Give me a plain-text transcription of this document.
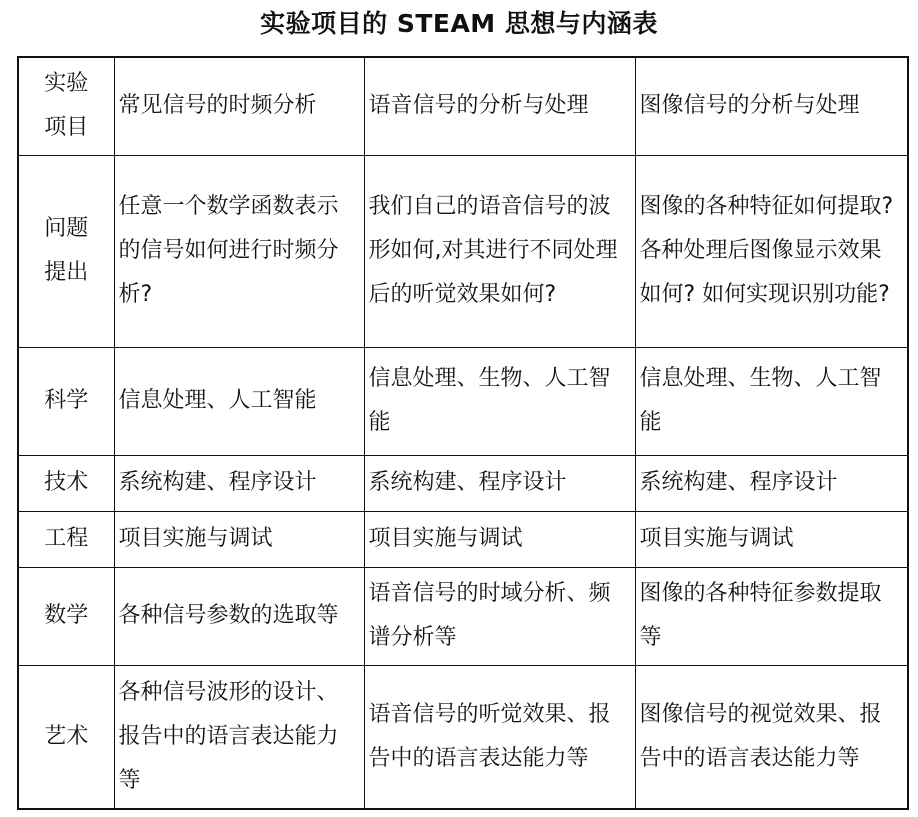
实验项目的 STEAM 思想与内涵表
实验
项目	常见信号的时频分析	语音信号的分析与处理	图像信号的分析与处理

问题
提出	任意一个数学函数表示的信号如何进行时频分析?	我们自己的语音信号的波形如何,对其进行不同处理后的听觉效果如何?	图像的各种特征如何提取? 各种处理后图像显示效果如何? 如何实现识别功能?
科学	信息处理、人工智能	信息处理、生物、人工智能	信息处理、生物、人工智能
技术	系统构建、程序设计	系统构建、程序设计	系统构建、程序设计
工程	项目实施与调试	项目实施与调试	项目实施与调试
数学	各种信号参数的选取等	语音信号的时域分析、频谱分析等	图像的各种特征参数提取等
艺术	各种信号波形的设计、报告中的语言表达能力等	语音信号的听觉效果、报告中的语言表达能力等	图像信号的视觉效果、报告中的语言表达能力等
